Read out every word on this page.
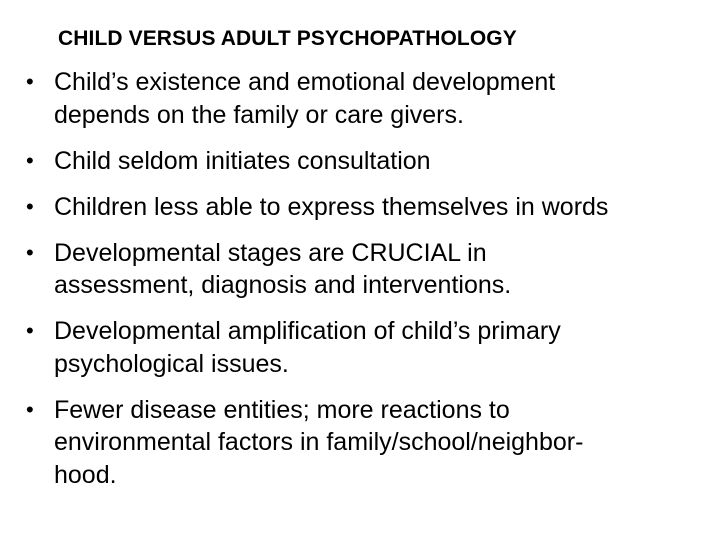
CHILD VERSUS ADULT PSYCHOPATHOLOGY
• Child’s existence and emotional development
depends on the family or care givers.
• Child seldom initiates consultation
• Children less able to express themselves in words
• Developmental stages are CRUCIAL in
assessment, diagnosis and interventions.
• Developmental amplification of child’s primary
psychological issues.
• Fewer disease entities; more reactions to
environmental factors in family/school/neighbor-
hood.
